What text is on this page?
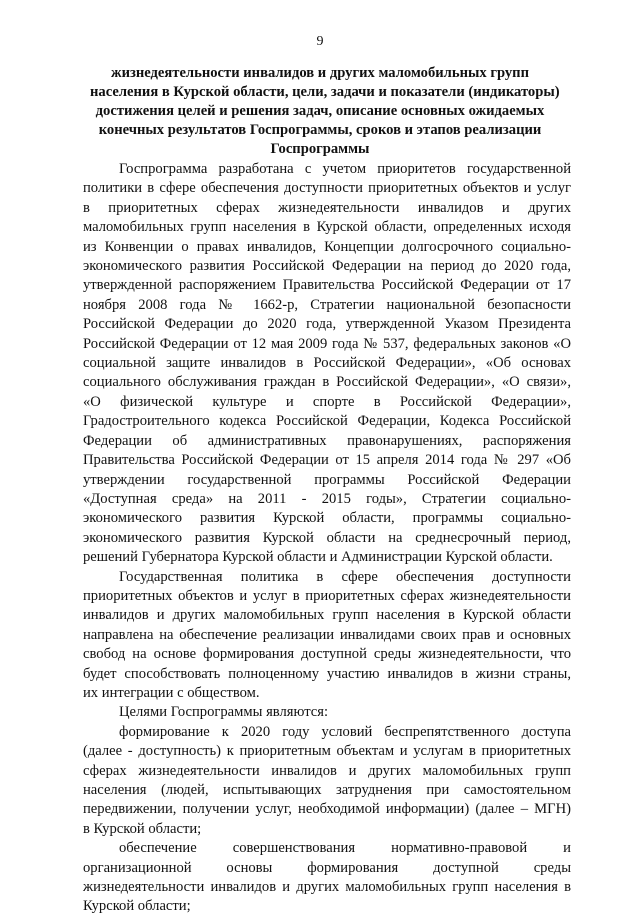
9
жизнедеятельности инвалидов и других маломобильных групп
населения в Курской области, цели, задачи и показатели (индикаторы)
достижения целей и решения задач, описание основных ожидаемых
конечных результатов Госпрограммы, сроков и этапов реализации
Госпрограммы
Госпрограмма разработана с учетом приоритетов государственной
политики в сфере обеспечения доступности приоритетных объектов и услуг
в приоритетных сферах жизнедеятельности инвалидов и других
маломобильных групп населения в Курской области, определенных исходя
из Конвенции о правах инвалидов, Концепции долгосрочного социально-
экономического развития Российской Федерации на период до 2020 года,
утвержденной распоряжением Правительства Российской Федерации от 17
ноября 2008 года № 1662-р, Стратегии национальной безопасности
Российской Федерации до 2020 года, утвержденной Указом Президента
Российской Федерации от 12 мая 2009 года № 537, федеральных законов «О
социальной защите инвалидов в Российской Федерации», «Об основах
социального обслуживания граждан в Российской Федерации», «О связи»,
«О физической культуре и спорте в Российской Федерации»,
Градостроительного кодекса Российской Федерации, Кодекса Российской
Федерации об административных правонарушениях, распоряжения
Правительства Российской Федерации от 15 апреля 2014 года № 297 «Об
утверждении государственной программы Российской Федерации
«Доступная среда» на 2011 - 2015 годы», Стратегии социально-
экономического развития Курской области, программы социально-
экономического развития Курской области на среднесрочный период,
решений Губернатора Курской области и Администрации Курской области.
Государственная политика в сфере обеспечения доступности
приоритетных объектов и услуг в приоритетных сферах жизнедеятельности
инвалидов и других маломобильных групп населения в Курской области
направлена на обеспечение реализации инвалидами своих прав и основных
свобод на основе формирования доступной среды жизнедеятельности, что
будет способствовать полноценному участию инвалидов в жизни страны,
их интеграции с обществом.
Целями Госпрограммы являются:
формирование к 2020 году условий беспрепятственного доступа
(далее - доступность) к приоритетным объектам и услугам в приоритетных
сферах жизнедеятельности инвалидов и других маломобильных групп
населения (людей, испытывающих затруднения при самостоятельном
передвижении, получении услуг, необходимой информации) (далее – МГН)
в Курской области;
обеспечение совершенствования нормативно-правовой и
организационной основы формирования доступной среды
жизнедеятельности инвалидов и других маломобильных групп населения в
Курской области;
